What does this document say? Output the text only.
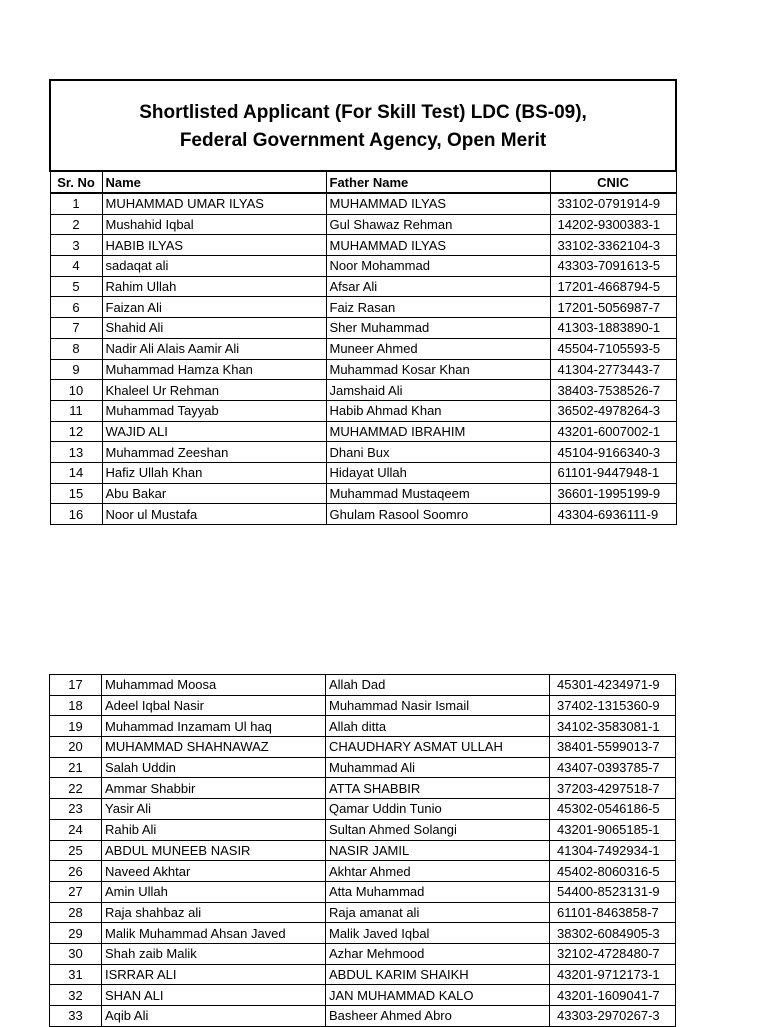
Shortlisted Applicant (For Skill Test) LDC (BS-09),
Federal Government Agency, Open Merit			

Sr. No	Name	Father Name	CNIC
1	MUHAMMAD UMAR ILYAS	MUHAMMAD ILYAS	33102-0791914-9
2	Mushahid Iqbal	Gul Shawaz Rehman	14202-9300383-1
3	HABIB ILYAS	MUHAMMAD ILYAS	33102-3362104-3
4	sadaqat ali	Noor Mohammad	43303-7091613-5
5	Rahim Ullah	Afsar Ali	17201-4668794-5
6	Faizan Ali	Faiz Rasan	17201-5056987-7
7	Shahid Ali	Sher Muhammad	41303-1883890-1
8	Nadir Ali Alais Aamir Ali	Muneer Ahmed	45504-7105593-5
9	Muhammad Hamza Khan	Muhammad Kosar Khan	41304-2773443-7
10	Khaleel Ur Rehman	Jamshaid Ali	38403-7538526-7
11	Muhammad Tayyab	Habib Ahmad Khan	36502-4978264-3
12	WAJID ALI	MUHAMMAD IBRAHIM	43201-6007002-1
13	Muhammad Zeeshan	Dhani Bux	45104-9166340-3
14	Hafiz Ullah Khan	Hidayat Ullah	61101-9447948-1
15	Abu Bakar	Muhammad Mustaqeem	36601-1995199-9
16	Noor ul Mustafa	Ghulam Rasool Soomro	43304-6936111-9
17	Muhammad Moosa	Allah Dad	45301-4234971-9
18	Adeel Iqbal Nasir	Muhammad Nasir Ismail	37402-1315360-9
19	Muhammad Inzamam Ul haq	Allah ditta	34102-3583081-1
20	MUHAMMAD SHAHNAWAZ	CHAUDHARY ASMAT ULLAH	38401-5599013-7
21	Salah Uddin	Muhammad Ali	43407-0393785-7
22	Ammar Shabbir	ATTA SHABBIR	37203-4297518-7
23	Yasir Ali	Qamar Uddin Tunio	45302-0546186-5
24	Rahib Ali	Sultan Ahmed Solangi	43201-9065185-1
25	ABDUL MUNEEB NASIR	NASIR JAMIL	41304-7492934-1
26	Naveed Akhtar	Akhtar Ahmed	45402-8060316-5
27	Amin Ullah	Atta Muhammad	54400-8523131-9
28	Raja shahbaz ali	Raja amanat ali	61101-8463858-7
29	Malik Muhammad Ahsan Javed	Malik Javed Iqbal	38302-6084905-3
30	Shah zaib Malik	Azhar Mehmood	32102-4728480-7
31	ISRRAR ALI	ABDUL KARIM SHAIKH	43201-9712173-1
32	SHAN ALI	JAN MUHAMMAD KALO	43201-1609041-7
33	Aqib Ali	Basheer Ahmed Abro	43303-2970267-3
